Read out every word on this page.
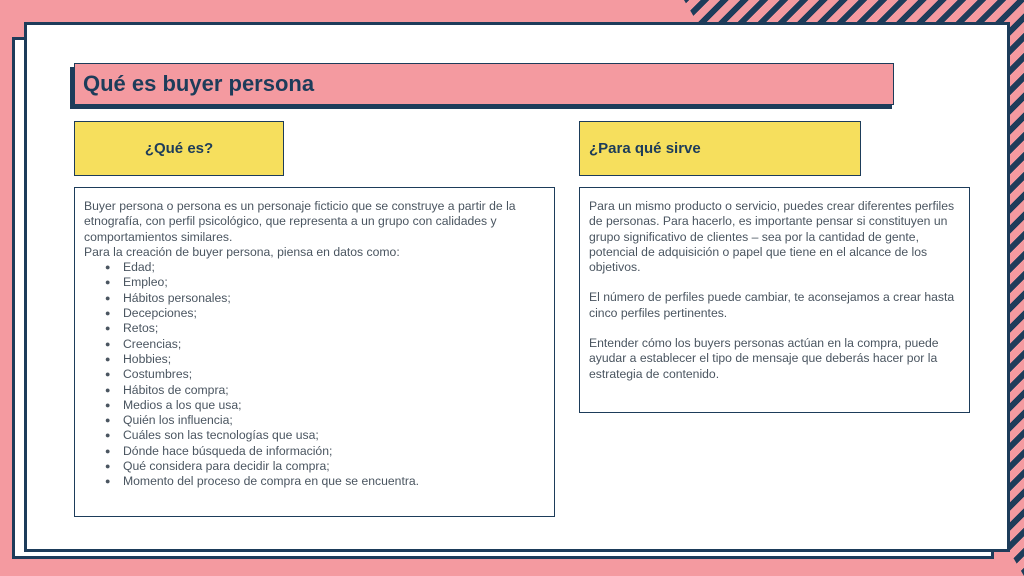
Qué es buyer persona
¿Qué es?	¿Para qué sirve
Buyer persona o persona es un personaje ficticio que se construye a partir de la etnografía, con perfil psicológico, que representa a un grupo con calidades y comportamientos similares.
Para la creación de buyer persona, piensa en datos como:
● Edad;
● Empleo;
● Hábitos personales;
● Decepciones;
● Retos;
● Creencias;
● Hobbies;
● Costumbres;
● Hábitos de compra;
● Medios a los que usa;
● Quién los influencia;
● Cuáles son las tecnologías que usa;
● Dónde hace búsqueda de información;
● Qué considera para decidir la compra;
● Momento del proceso de compra en que se encuentra.

Para un mismo producto o servicio, puedes crear diferentes perfiles de personas. Para hacerlo, es importante pensar si constituyen un grupo significativo de clientes – sea por la cantidad de gente, potencial de adquisición o papel que tiene en el alcance de los objetivos.

El número de perfiles puede cambiar, te aconsejamos a crear hasta cinco perfiles pertinentes.

Entender cómo los buyers personas actúan en la compra, puede ayudar a establecer el tipo de mensaje que deberás hacer por la estrategia de contenido.
